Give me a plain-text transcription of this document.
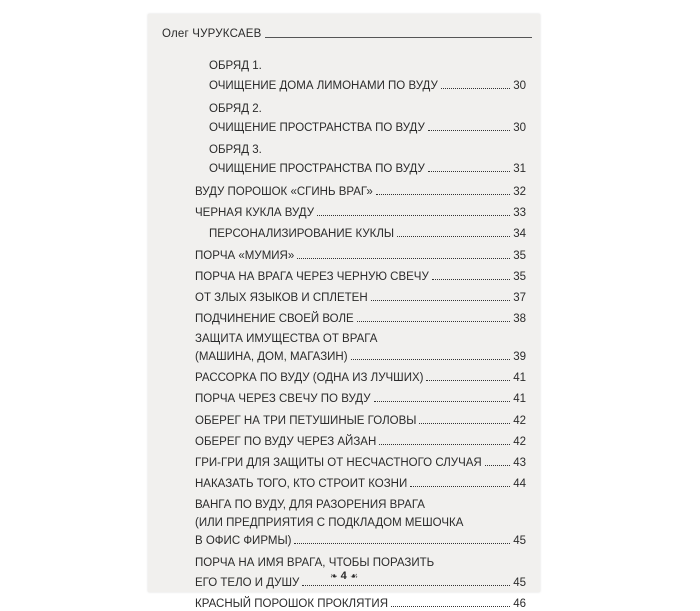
Олег ЧУРУКСАЕВ
ОБРЯД 1.
ОЧИЩЕНИЕ ДОМА ЛИМОНАМИ ПО ВУДУ	30
ОБРЯД 2.
ОЧИЩЕНИЕ ПРОСТРАНСТВА ПО ВУДУ	30
ОБРЯД 3.
ОЧИЩЕНИЕ ПРОСТРАНСТВА ПО ВУДУ	31
ВУДУ ПОРОШОК «СГИНЬ ВРАГ»	32
ЧЕРНАЯ КУКЛА ВУДУ	33
ПЕРСОНАЛИЗИРОВАНИЕ КУКЛЫ	34
ПОРЧА «МУМИЯ»	35
ПОРЧА НА ВРАГА ЧЕРЕЗ ЧЕРНУЮ СВЕЧУ	35
ОТ ЗЛЫХ ЯЗЫКОВ И СПЛЕТЕН	37
ПОДЧИНЕНИЕ СВОЕЙ ВОЛЕ	38
ЗАЩИТА ИМУЩЕСТВА ОТ ВРАГА
(МАШИНА, ДОМ, МАГАЗИН)	39
РАССОРКА ПО ВУДУ (ОДНА ИЗ ЛУЧШИХ)	41
ПОРЧА ЧЕРЕЗ СВЕЧУ ПО ВУДУ	41
ОБЕРЕГ НА ТРИ ПЕТУШИНЫЕ ГОЛОВЫ	42
ОБЕРЕГ ПО ВУДУ ЧЕРЕЗ АЙЗАН	42
ГРИ-ГРИ ДЛЯ ЗАЩИТЫ ОТ НЕСЧАСТНОГО СЛУЧАЯ	43
НАКАЗАТЬ ТОГО, КТО СТРОИТ КОЗНИ	44
ВАНГА ПО ВУДУ, ДЛЯ РАЗОРЕНИЯ ВРАГА
(ИЛИ ПРЕДПРИЯТИЯ С ПОДКЛАДОМ МЕШОЧКА
В ОФИС ФИРМЫ)	45
ПОРЧА НА ИМЯ ВРАГА, ЧТОБЫ ПОРАЗИТЬ
ЕГО ТЕЛО И ДУШУ	45
КРАСНЫЙ ПОРОШОК ПРОКЛЯТИЯ	46
❧ 4 ☙
